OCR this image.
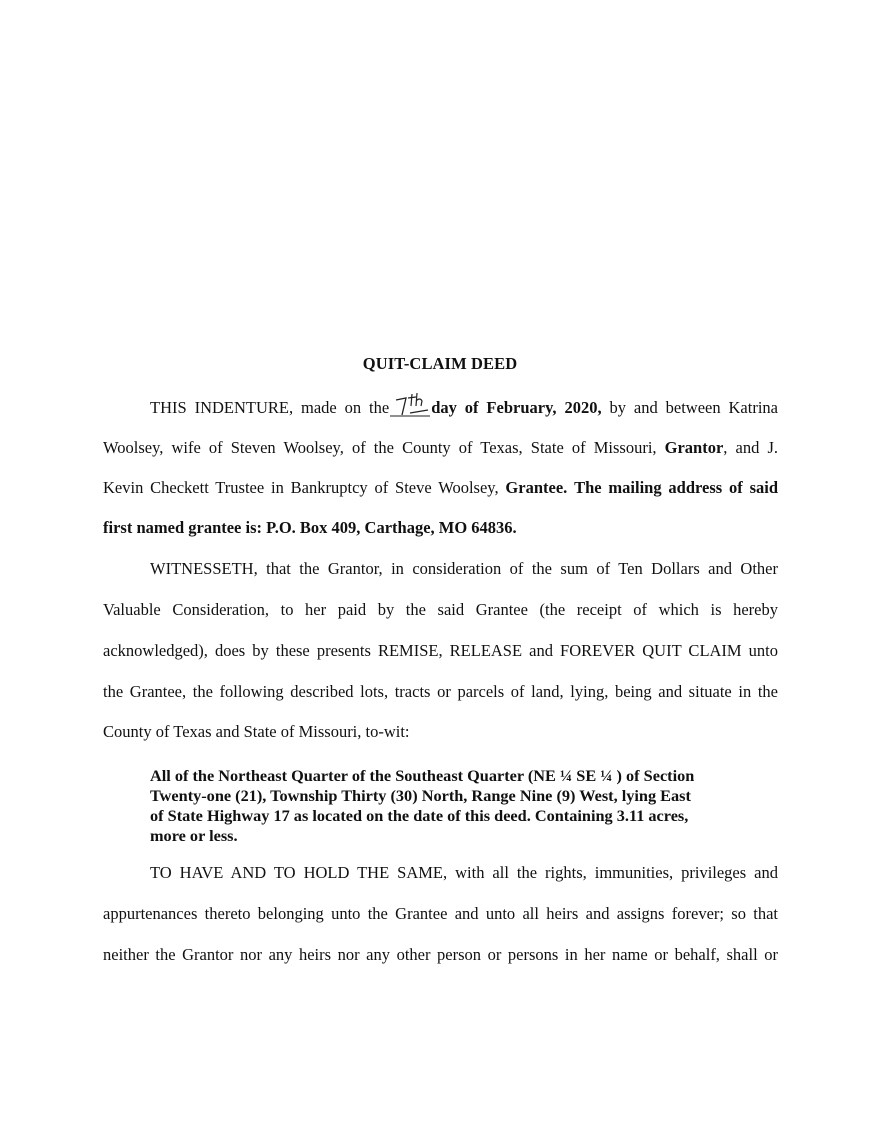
QUIT-CLAIM DEED
THIS INDENTURE, made on the	day of February, 2020, by and between Katrina
Woolsey, wife of Steven Woolsey, of the County of Texas, State of Missouri, Grantor, and J.
Kevin Checkett Trustee in Bankruptcy of Steve Woolsey, Grantee. The mailing address of said
first named grantee is: P.O. Box 409, Carthage, MO 64836.
WITNESSETH, that the Grantor, in consideration of the sum of Ten Dollars and Other
Valuable Consideration, to her paid by the said Grantee (the receipt of which is hereby
acknowledged), does by these presents REMISE, RELEASE and FOREVER QUIT CLAIM unto
the Grantee, the following described lots, tracts or parcels of land, lying, being and situate in the
County of Texas and State of Missouri, to-wit:
All of the Northeast Quarter of the Southeast Quarter (NE ¼ SE ¼ ) of Section
Twenty-one (21), Township Thirty (30) North, Range Nine (9) West, lying East
of State Highway 17 as located on the date of this deed. Containing 3.11 acres,
more or less.
TO HAVE AND TO HOLD THE SAME, with all the rights, immunities, privileges and
appurtenances thereto belonging unto the Grantee and unto all heirs and assigns forever; so that
neither the Grantor nor any heirs nor any other person or persons in her name or behalf, shall or
